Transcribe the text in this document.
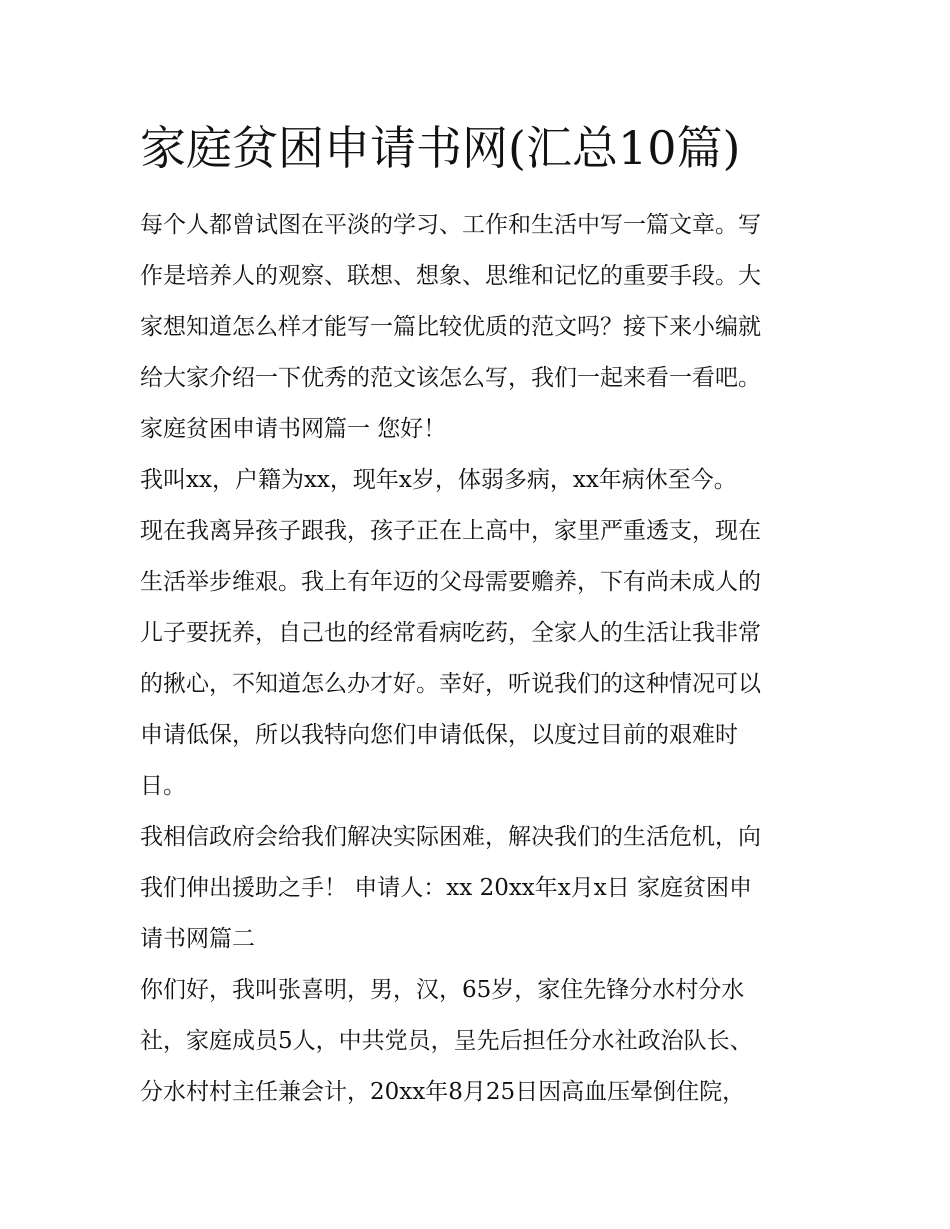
家庭贫困申请书网(汇总10篇)
每个人都曾试图在平淡的学习、工作和生活中写一篇文章。写
作是培养人的观察、联想、想象、思维和记忆的重要手段。大
家想知道怎么样才能写一篇比较优质的范文吗？接下来小编就
给大家介绍一下优秀的范文该怎么写，我们一起来看一看吧。
家庭贫困申请书网篇一 您好！
我叫xx，户籍为xx，现年x岁，体弱多病，xx年病休至今。
现在我离异孩子跟我，孩子正在上高中，家里严重透支，现在
生活举步维艰。我上有年迈的父母需要赡养，下有尚未成人的
儿子要抚养，自己也的经常看病吃药，全家人的生活让我非常
的揪心，不知道怎么办才好。幸好，听说我们的这种情况可以
申请低保，所以我特向您们申请低保，以度过目前的艰难时
日。
我相信政府会给我们解决实际困难，解决我们的生活危机，向
我们伸出援助之手！ 申请人：xx 20xx年x月x日 家庭贫困申
请书网篇二
你们好，我叫张喜明，男，汉，65岁，家住先锋分水村分水
社，家庭成员5人，中共党员，呈先后担任分水社政治队长、
分水村村主任兼会计，20xx年8月25日因高血压晕倒住院，
